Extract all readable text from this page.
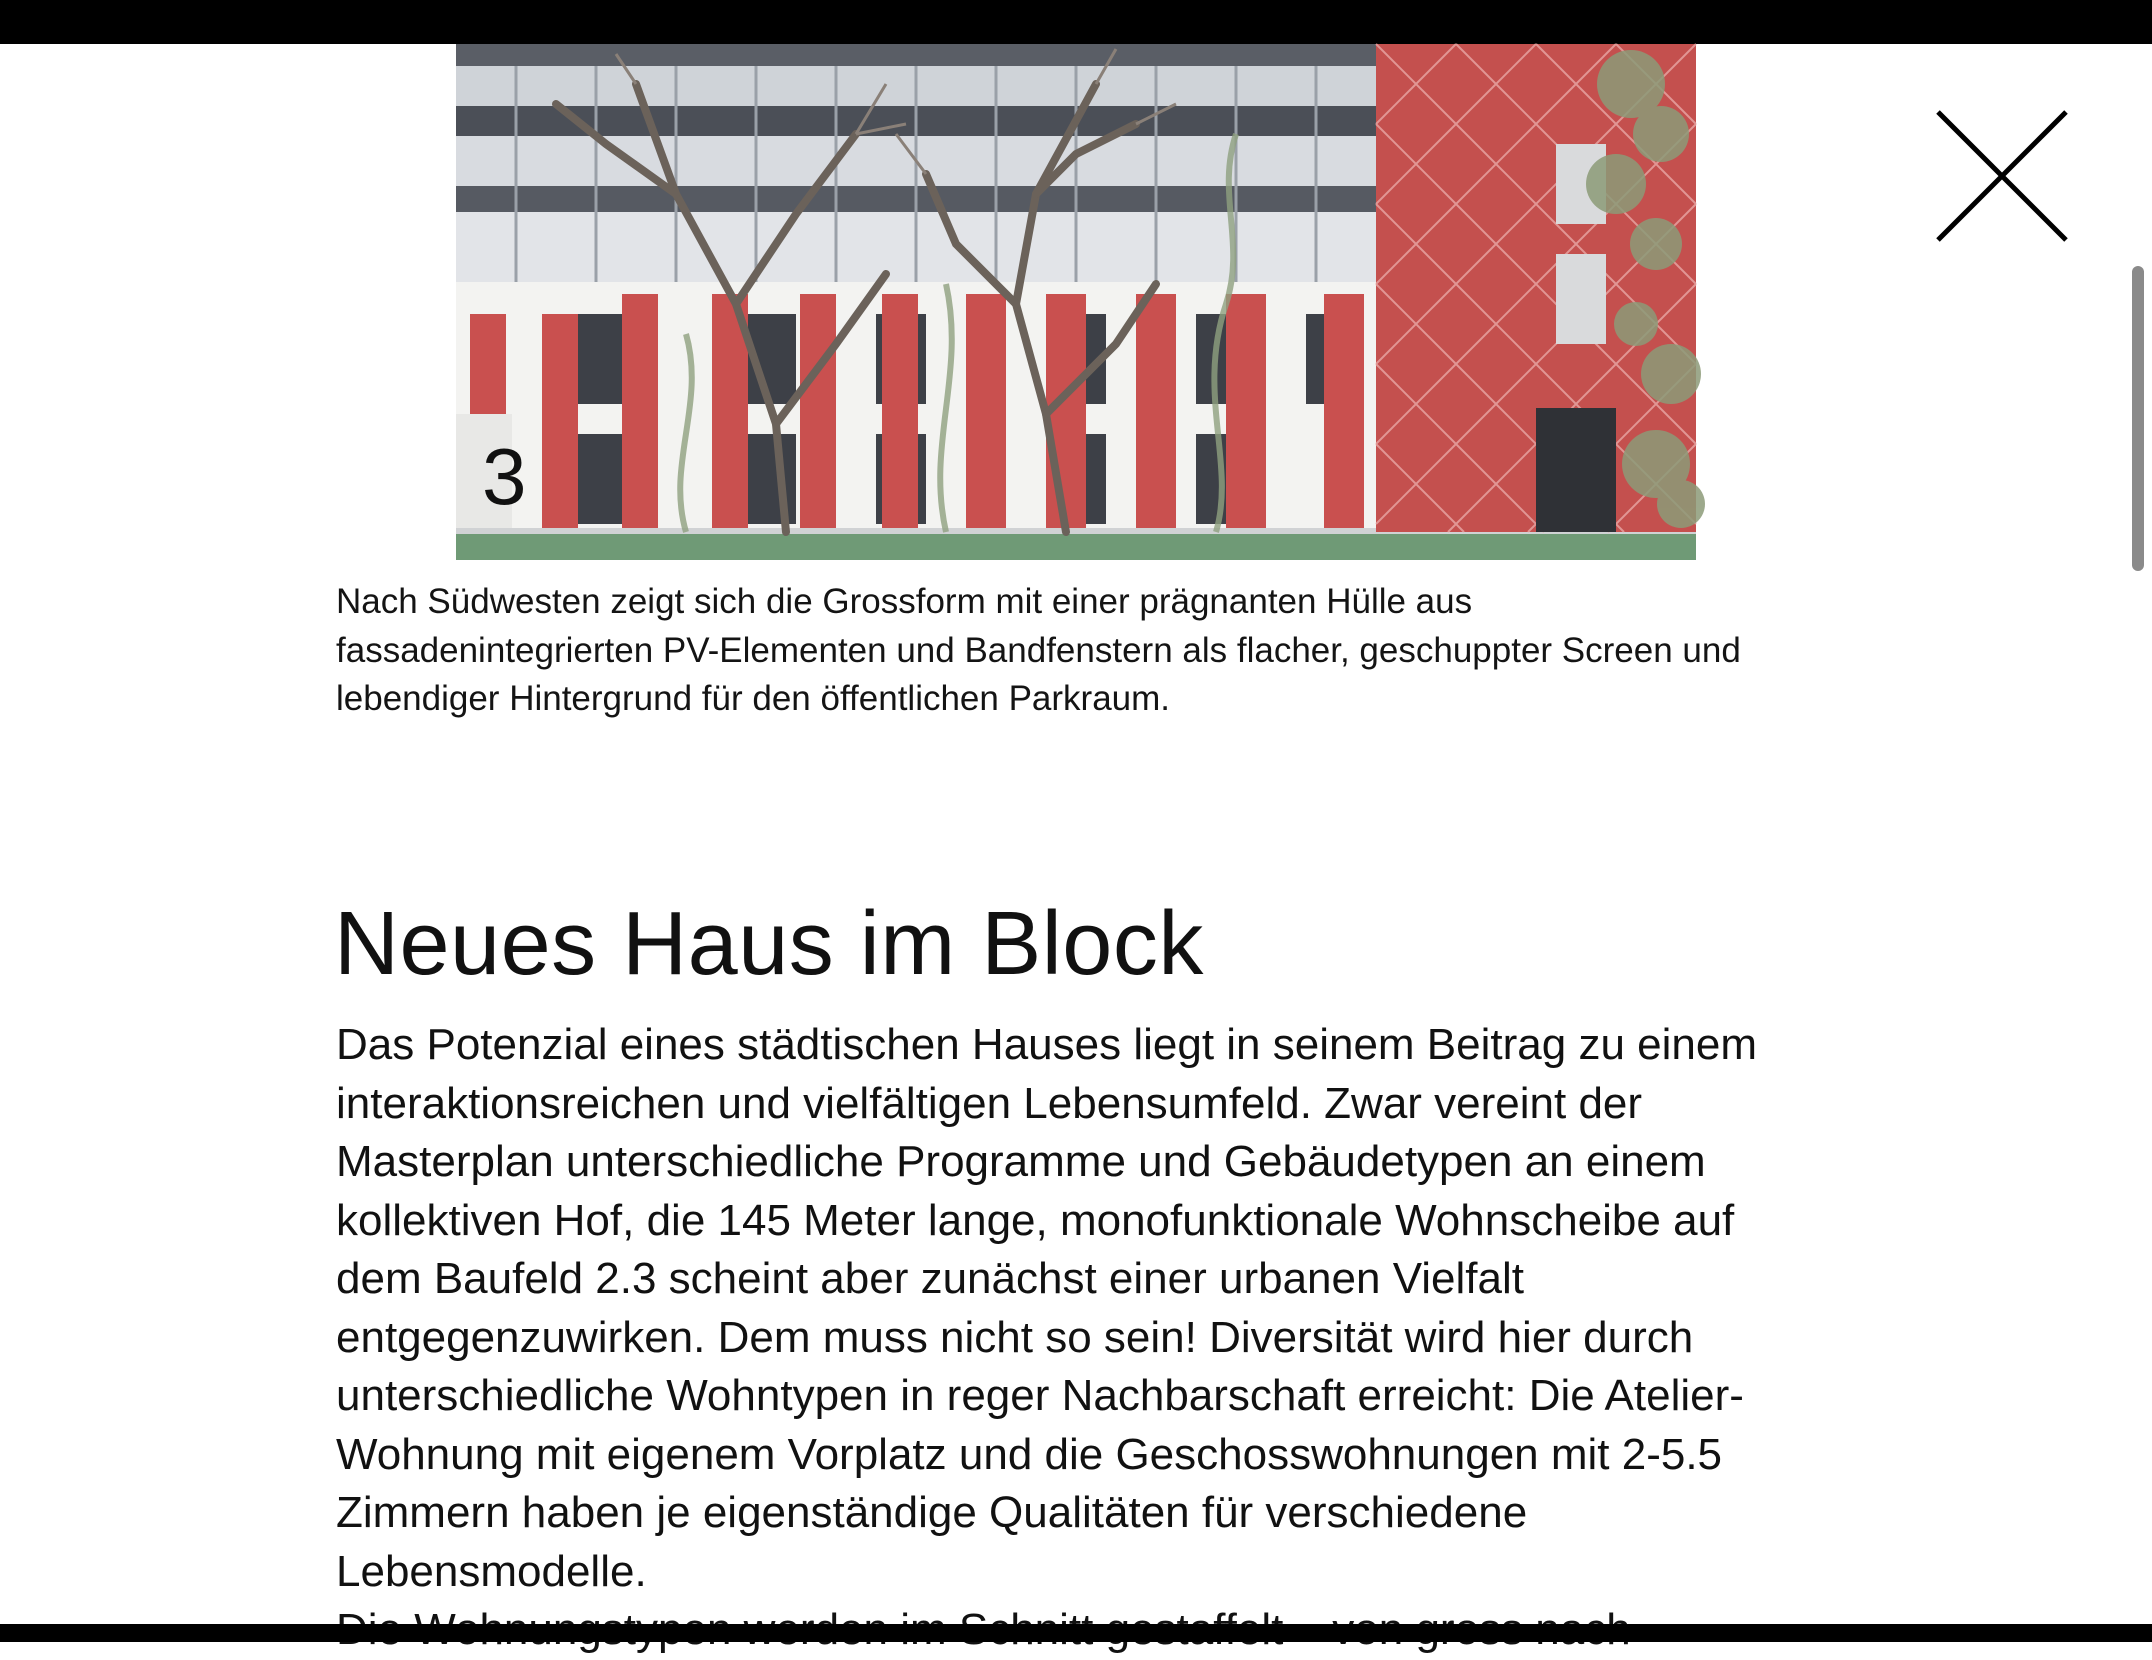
3

Nach Südwesten zeigt sich die Grossform mit einer prägnanten Hülle aus fassadenintegrierten PV-Elementen und Bandfenstern als flacher, geschuppter Screen und lebendiger Hintergrund für den öffentlichen Parkraum.

Neues Haus im Block
Das Potenzial eines städtischen Hauses liegt in seinem Beitrag zu einem interaktionsreichen und vielfältigen Lebensumfeld. Zwar vereint der Masterplan unterschiedliche Programme und Gebäudetypen an einem kollektiven Hof, die 145 Meter lange, monofunktionale Wohnscheibe auf dem Baufeld 2.3 scheint aber zunächst einer urbanen Vielfalt entgegenzuwirken. Dem muss nicht so sein! Diversität wird hier durch unterschiedliche Wohntypen in reger Nachbarschaft erreicht: Die Atelier-Wohnung mit eigenem Vorplatz und die Geschosswohnungen mit 2-5.5 Zimmern haben je eigenständige Qualitäten für verschiedene Lebensmodelle.
